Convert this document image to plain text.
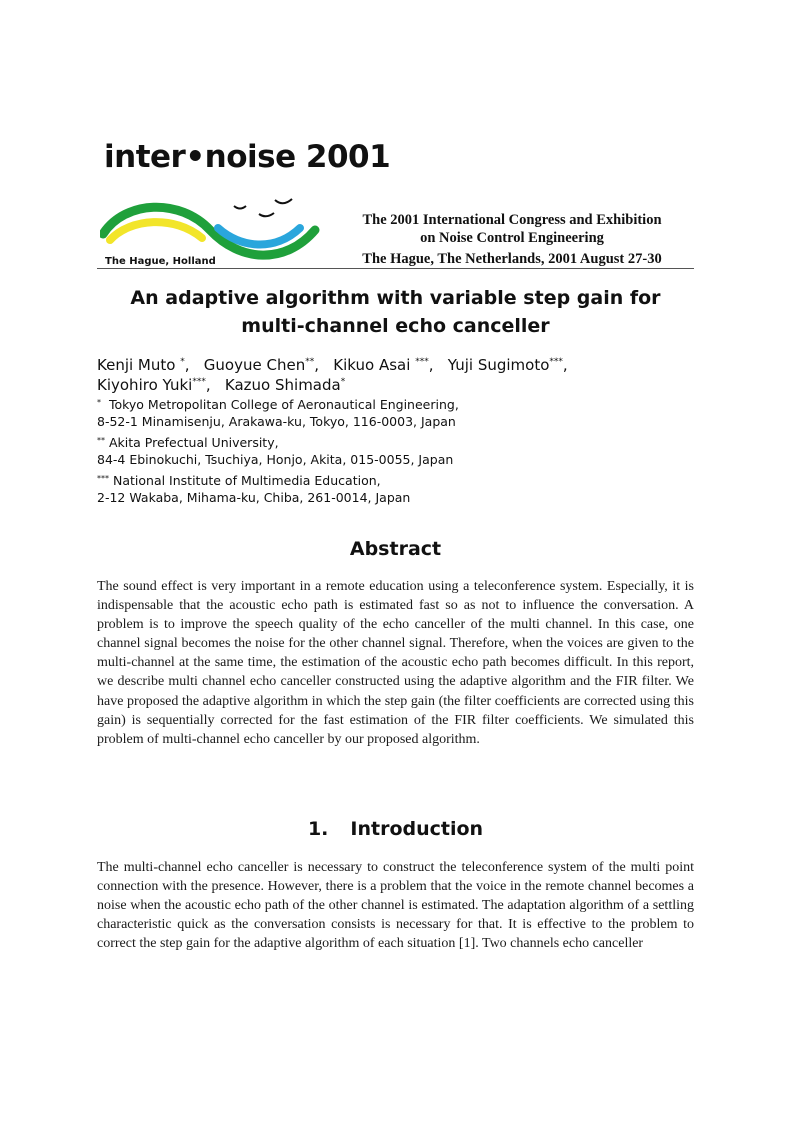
inter•noise 2001
The Hague, Holland
The 2001 International Congress and Exhibition
on Noise Control Engineering
The Hague, The Netherlands, 2001 August 27-30
An adaptive algorithm with variable step gain for
multi-channel echo canceller
Kenji Muto *,   Guoyue Chen**,   Kikuo Asai ***,   Yuji Sugimoto***,
Kiyohiro Yuki***,   Kazuo Shimada*
* Tokyo Metropolitan College of Aeronautical Engineering,
8-52-1 Minamisenju, Arakawa-ku, Tokyo, 116-0003, Japan
** Akita Prefectual University,
84-4 Ebinokuchi, Tsuchiya, Honjo, Akita, 015-0055, Japan
*** National Institute of Multimedia Education,
2-12 Wakaba, Mihama-ku, Chiba, 261-0014, Japan
Abstract
The sound effect is very important in a remote education using a teleconference system. Especially, it is indispensable that the acoustic echo path is estimated fast so as not to influence the conversation. A problem is to improve the speech quality of the echo canceller of the multi channel. In this case, one channel signal becomes the noise for the other channel signal. Therefore, when the voices are given to the multi-channel at the same time, the estimation of the acoustic echo path becomes difficult. In this report, we describe multi channel echo canceller constructed using the adaptive algorithm and the FIR filter. We have proposed the adaptive algorithm in which the step gain (the filter coefficients are corrected using this gain) is sequentially corrected for the fast estimation of the FIR filter coefficients. We simulated this problem of multi-channel echo canceller by our proposed algorithm.
1. Introduction
The multi-channel echo canceller is necessary to construct the teleconference system of the multi point connection with the presence. However, there is a problem that the voice in the remote channel becomes a noise when the acoustic echo path of the other channel is estimated. The adaptation algorithm of a settling characteristic quick as the conversation consists is necessary for that. It is effective to the problem to correct the step gain for the adaptive algorithm of each situation [1]. Two channels echo canceller
